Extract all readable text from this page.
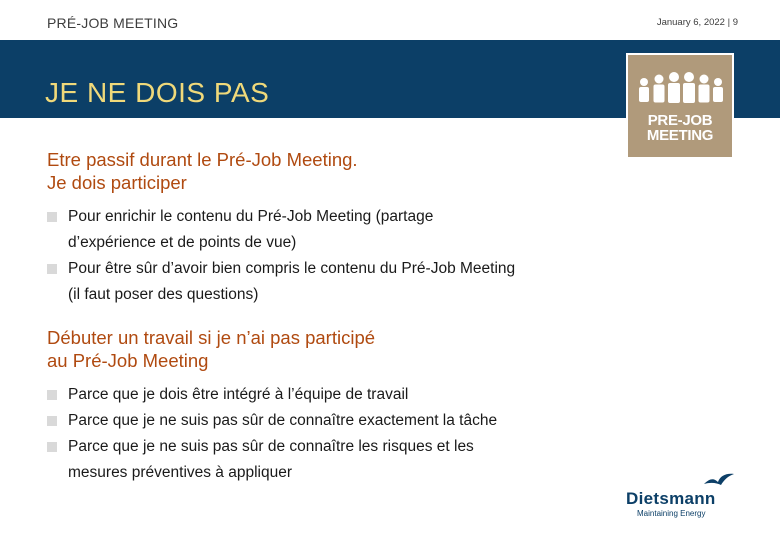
PRÉ-JOB MEETING	January 6, 2022 | 9
JE NE DOIS PAS
PRE-JOB
MEETING
Etre passif durant le Pré-Job Meeting.
Je dois participer
Pour enrichir le contenu du Pré-Job Meeting (partage
d’expérience et de points de vue)
Pour être sûr d’avoir bien compris le contenu du Pré-Job Meeting
(il faut poser des questions)
Débuter un travail si je n’ai pas participé
au Pré-Job Meeting
Parce que je dois être intégré à l’équipe de travail
Parce que je ne suis pas sûr de connaître exactement la tâche
Parce que je ne suis pas sûr de connaître les risques et les
mesures préventives à appliquer
Dietsmann
Maintaining Energy
